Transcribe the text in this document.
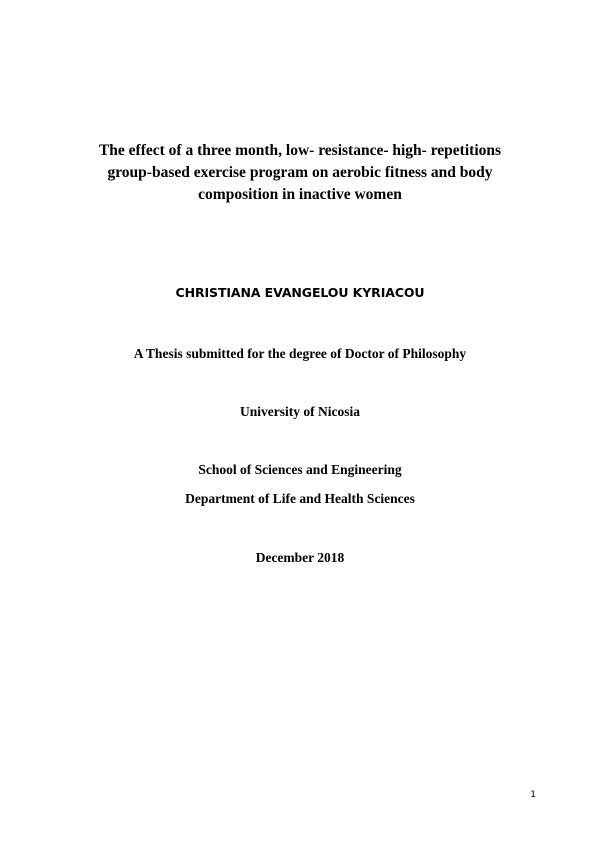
The effect of a three month, low- resistance- high- repetitions
group-based exercise program on aerobic fitness and body
composition in inactive women

CHRISTIANA EVANGELOU KYRIACOU

A Thesis submitted for the degree of Doctor of Philosophy

University of Nicosia

School of Sciences and Engineering

Department of Life and Health Sciences

December 2018

1
